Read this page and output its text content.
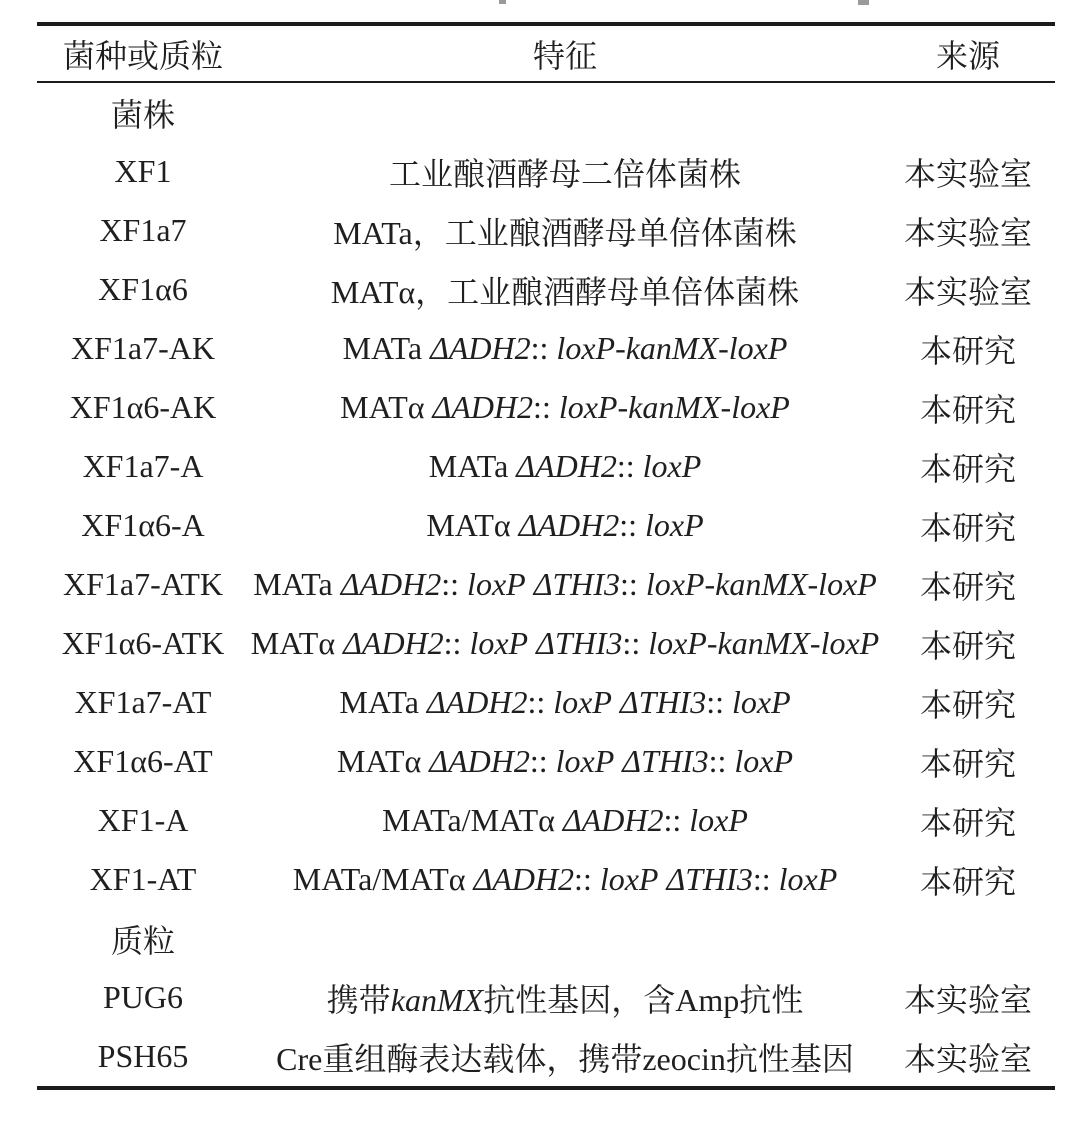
菌种或质粒	特征	来源
菌株		
XF1	工业酿酒酵母二倍体菌株	本实验室
XF1a7	MATa，工业酿酒酵母单倍体菌株	本实验室
XF1α6	MATα，工业酿酒酵母单倍体菌株	本实验室
XF1a7-AK	MATa ΔADH2:: loxP-kanMX-loxP	本研究
XF1α6-AK	MATα ΔADH2:: loxP-kanMX-loxP	本研究
XF1a7-A	MATa ΔADH2:: loxP	本研究
XF1α6-A	MATα ΔADH2:: loxP	本研究
XF1a7-ATK	MATa ΔADH2:: loxP ΔTHI3:: loxP-kanMX-loxP	本研究
XF1α6-ATK	MATα ΔADH2:: loxP ΔTHI3:: loxP-kanMX-loxP	本研究
XF1a7-AT	MATa ΔADH2:: loxP ΔTHI3:: loxP	本研究
XF1α6-AT	MATα ΔADH2:: loxP ΔTHI3:: loxP	本研究
XF1-A	MATa/MATα ΔADH2:: loxP	本研究
XF1-AT	MATa/MATα ΔADH2:: loxP ΔTHI3:: loxP	本研究
质粒		
PUG6	携带kanMX抗性基因，含Amp抗性	本实验室
PSH65	Cre重组酶表达载体，携带zeocin抗性基因	本实验室
